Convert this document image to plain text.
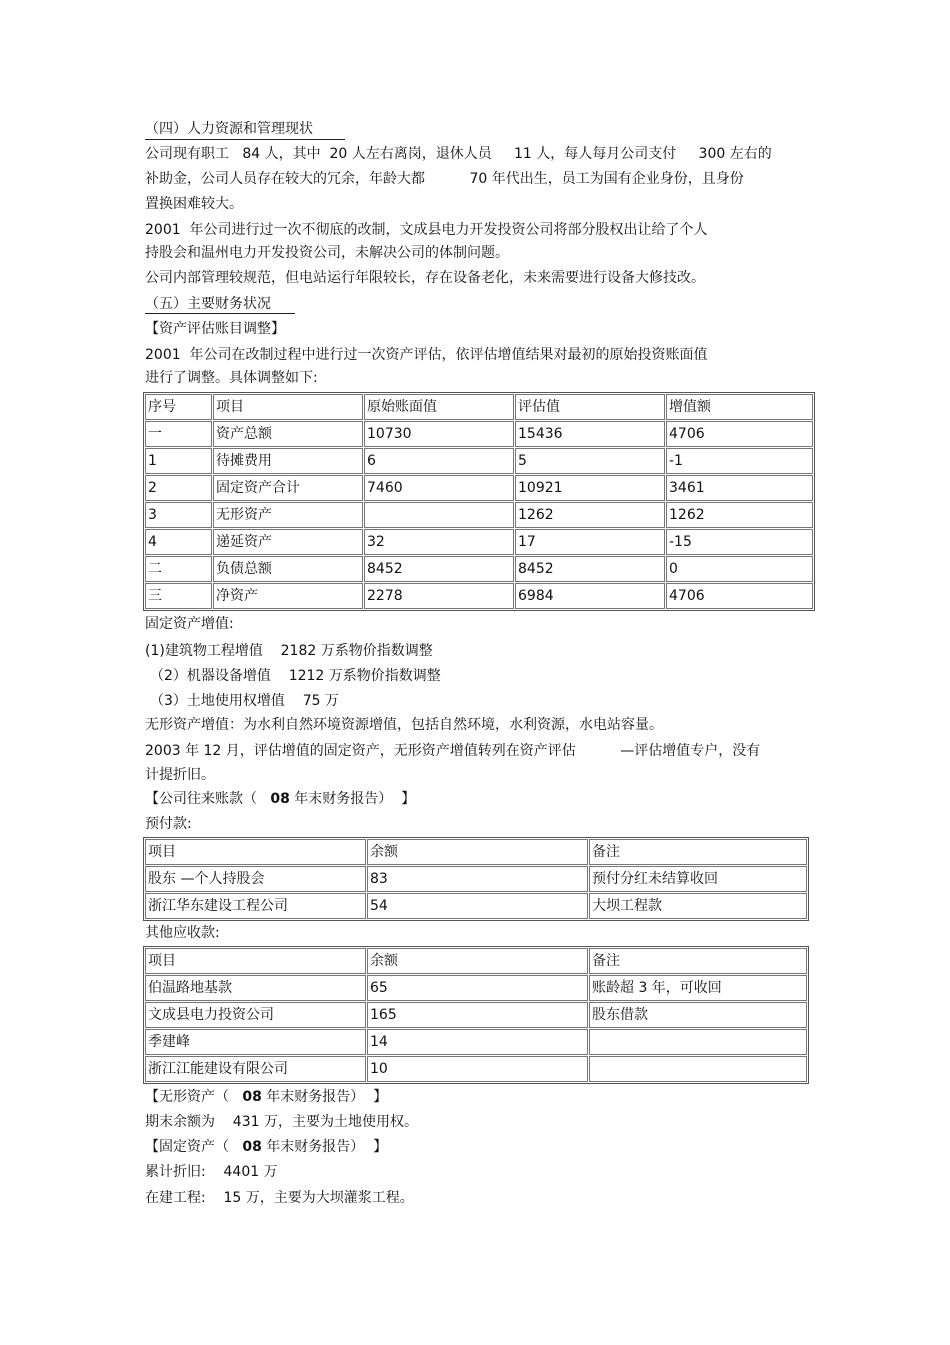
（四）人力资源和管理现状
公司现有职工   84 人，其中  20 人左右离岗，退休人员     11 人，每人每月公司支付     300 左右的
补助金，公司人员存在较大的冗余，年龄大都          70 年代出生，员工为国有企业身份，且身份
置换困难较大。
2001  年公司进行过一次不彻底的改制，文成县电力开发投资公司将部分股权出让给了个人
持股会和温州电力开发投资公司，未解决公司的体制问题。
公司内部管理较规范，但电站运行年限较长，存在设备老化，未来需要进行设备大修技改。
（五）主要财务状况
【资产评估账目调整】
2001  年公司在改制过程中进行过一次资产评估，依评估增值结果对最初的原始投资账面值
进行了调整。具体调整如下:
序号	项目	原始账面值	评估值	增值额
一	资产总额	10730	15436	4706
1	待摊费用	6	5	-1
2	固定资产合计	7460	10921	3461
3	无形资产		1262	1262
4	递延资产	32	17	-15
二	负债总额	8452	8452	0
三	净资产	2278	6984	4706
固定资产增值:
(1)建筑物工程增值    2182 万系物价指数调整
（2）机器设备增值    1212 万系物价指数调整
（3）土地使用权增值    75 万
无形资产增值：为水利自然环境资源增值，包括自然环境，水利资源，水电站容量。
2003 年 12 月，评估增值的固定资产，无形资产增值转列在资产评估          —评估增值专户，没有
计提折旧。
【公司往来账款（   08 年末财务报告）  】
预付款:
项目	余额	备注
股东 —个人持股会	83	预付分红未结算收回
浙江华东建设工程公司	54	大坝工程款
其他应收款:
项目	余额	备注
伯温路地基款	65	账龄超 3 年，可收回
文成县电力投资公司	165	股东借款
季建峰	14	
浙江江能建设有限公司	10	
【无形资产（   08 年末财务报告）  】
期末余额为    431 万，主要为土地使用权。
【固定资产（   08 年末财务报告）  】
累计折旧:    4401 万
在建工程:    15 万，主要为大坝灌浆工程。
